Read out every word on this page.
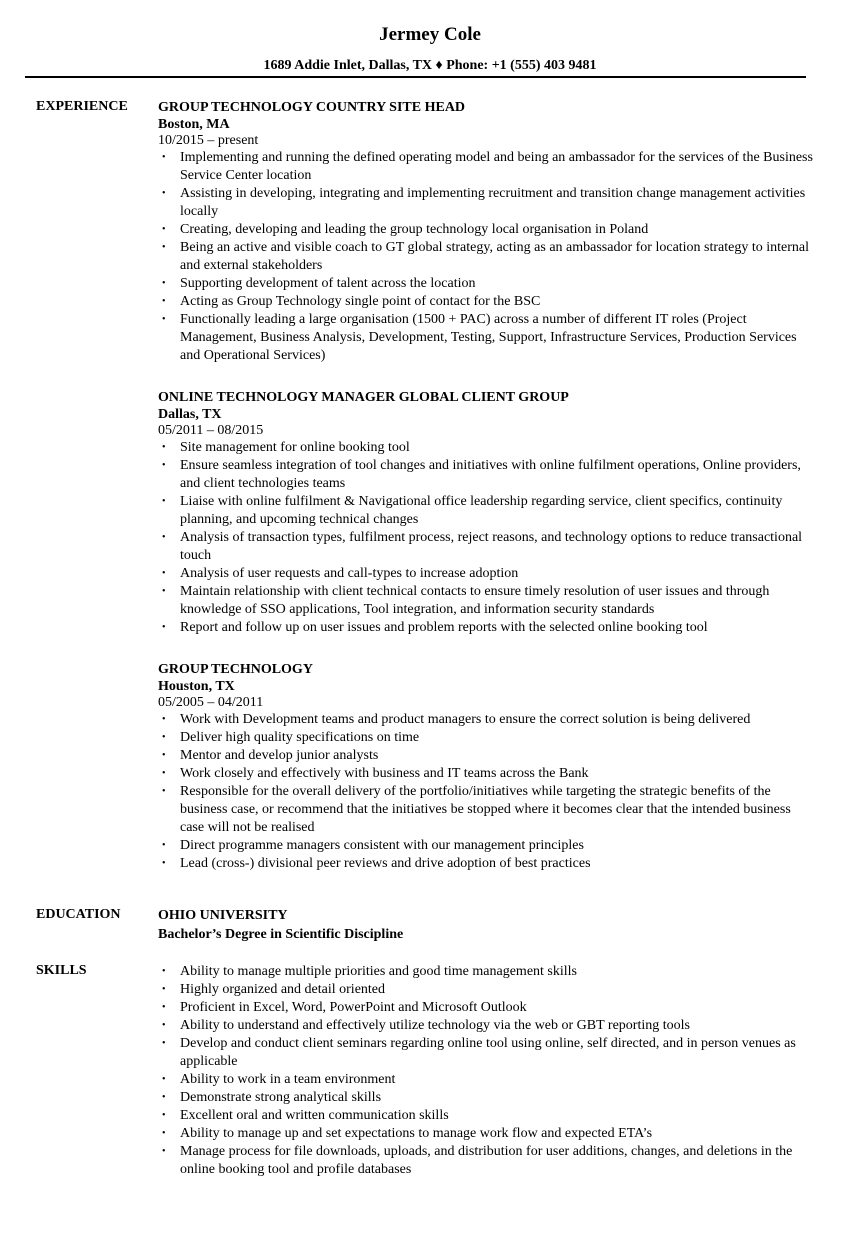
Jermey Cole
1689 Addie Inlet, Dallas, TX ♦ Phone: +1 (555) 403 9481
EXPERIENCE GROUP TECHNOLOGY COUNTRY SITE HEAD
Boston, MA
10/2015 – present
• Implementing and running the defined operating model and being an ambassador for the services of the Business Service Center location
• Assisting in developing, integrating and implementing recruitment and transition change management activities locally
• Creating, developing and leading the group technology local organisation in Poland
• Being an active and visible coach to GT global strategy, acting as an ambassador for location strategy to internal and external stakeholders
• Supporting development of talent across the location
• Acting as Group Technology single point of contact for the BSC
• Functionally leading a large organisation (1500 + PAC) across a number of different IT roles (Project Management, Business Analysis, Development, Testing, Support, Infrastructure Services, Production Services and Operational Services)
ONLINE TECHNOLOGY MANAGER GLOBAL CLIENT GROUP
Dallas, TX
05/2011 – 08/2015
• Site management for online booking tool
• Ensure seamless integration of tool changes and initiatives with online fulfilment operations, Online providers, and client technologies teams
• Liaise with online fulfilment & Navigational office leadership regarding service, client specifics, continuity planning, and upcoming technical changes
• Analysis of transaction types, fulfilment process, reject reasons, and technology options to reduce transactional touch
• Analysis of user requests and call-types to increase adoption
• Maintain relationship with client technical contacts to ensure timely resolution of user issues and through knowledge of SSO applications, Tool integration, and information security standards
• Report and follow up on user issues and problem reports with the selected online booking tool
GROUP TECHNOLOGY
Houston, TX
05/2005 – 04/2011
• Work with Development teams and product managers to ensure the correct solution is being delivered
• Deliver high quality specifications on time
• Mentor and develop junior analysts
• Work closely and effectively with business and IT teams across the Bank
• Responsible for the overall delivery of the portfolio/initiatives while targeting the strategic benefits of the business case, or recommend that the initiatives be stopped where it becomes clear that the intended business case will not be realised
• Direct programme managers consistent with our management principles
• Lead (cross-) divisional peer reviews and drive adoption of best practices
EDUCATION	OHIO UNIVERSITY
Bachelor’s Degree in Scientific Discipline
SKILLS	• Ability to manage multiple priorities and good time management skills
• Highly organized and detail oriented
• Proficient in Excel, Word, PowerPoint and Microsoft Outlook
• Ability to understand and effectively utilize technology via the web or GBT reporting tools
• Develop and conduct client seminars regarding online tool using online, self directed, and in person venues as applicable
• Ability to work in a team environment
• Demonstrate strong analytical skills
• Excellent oral and written communication skills
• Ability to manage up and set expectations to manage work flow and expected ETA’s
• Manage process for file downloads, uploads, and distribution for user additions, changes, and deletions in the online booking tool and profile databases
